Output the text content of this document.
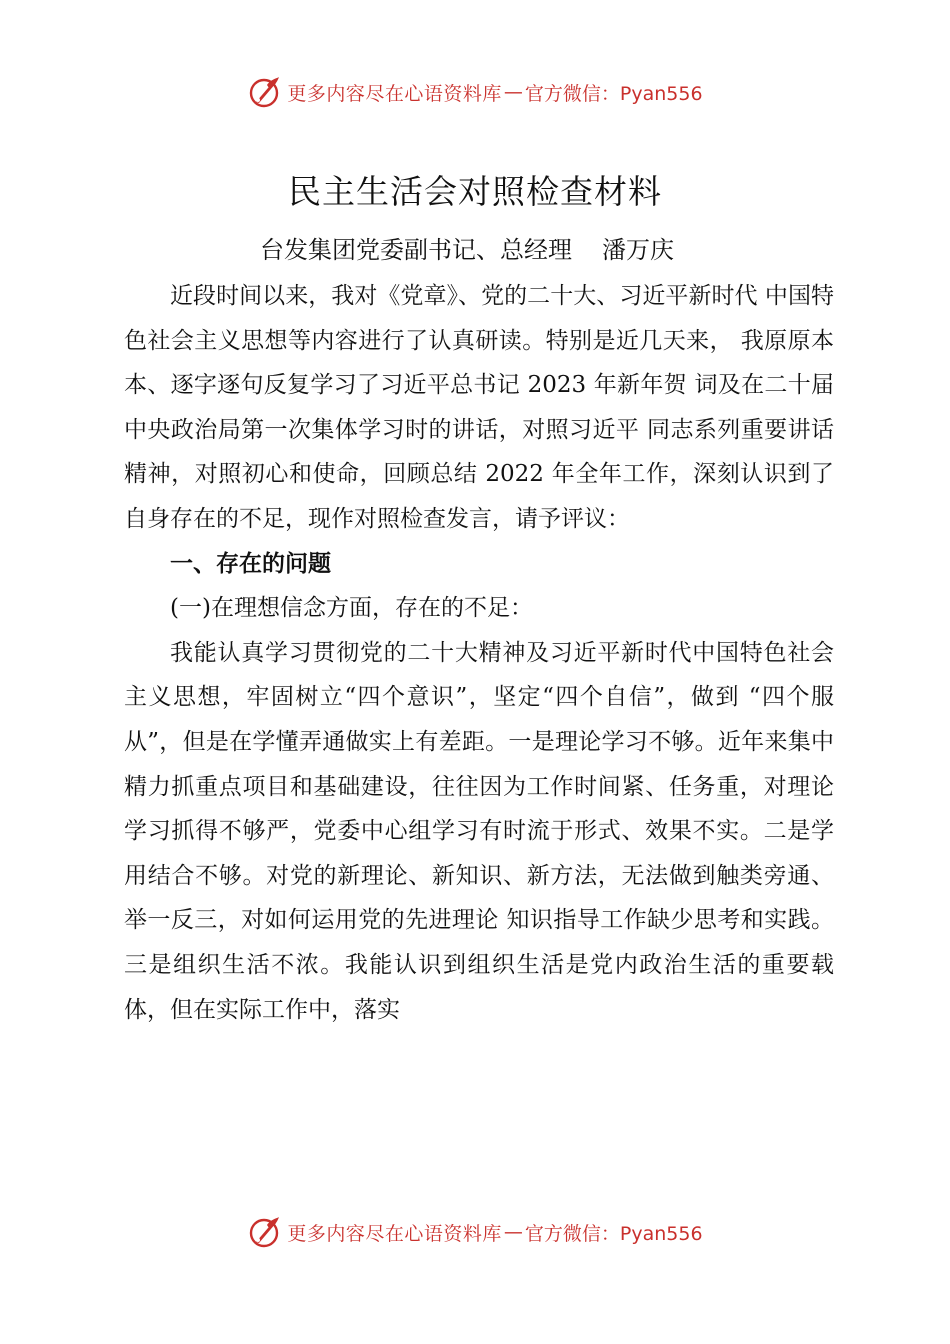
更多内容尽在心语资料库 — 官方微信：Pyan556
民主生活会对照检查材料
台发集团党委副书记、总经理 潘万庆

近段时间以来，我对《党章》、党的二十大、习近平新时代 中国特色社会主义思想等内容进行了认真研读。特别是近几天来， 我原原本本、逐字逐句反复学习了习近平总书记 2023 年新年贺 词及在二十届中央政治局第一次集体学习时的讲话，对照习近平 同志系列重要讲话精神，对照初心和使命，回顾总结 2022 年全年工作，深刻认识到了自身存在的不足，现作对照检查发言，请予评议：

一、存在的问题

(一)在理想信念方面，存在的不足：

我能认真学习贯彻党的二十大精神及习近平新时代中国特色社会主义思想，牢固树立“四个意识”，坚定“四个自信”，做到 “四个服从”，但是在学懂弄通做实上有差距。一是理论学习不够。近年来集中精力抓重点项目和基础建设，往往因为工作时间紧、任务重，对理论学习抓得不够严，党委中心组学习有时流于形式、效果不实。二是学用结合不够。对党的新理论、新知识、新方法，无法做到触类旁通、举一反三，对如何运用党的先进理论 知识指导工作缺少思考和实践。三是组织生活不浓。我能认识到组织生活是党内政治生活的重要载体，但在实际工作中，落实

更多内容尽在心语资料库 — 官方微信：Pyan556
